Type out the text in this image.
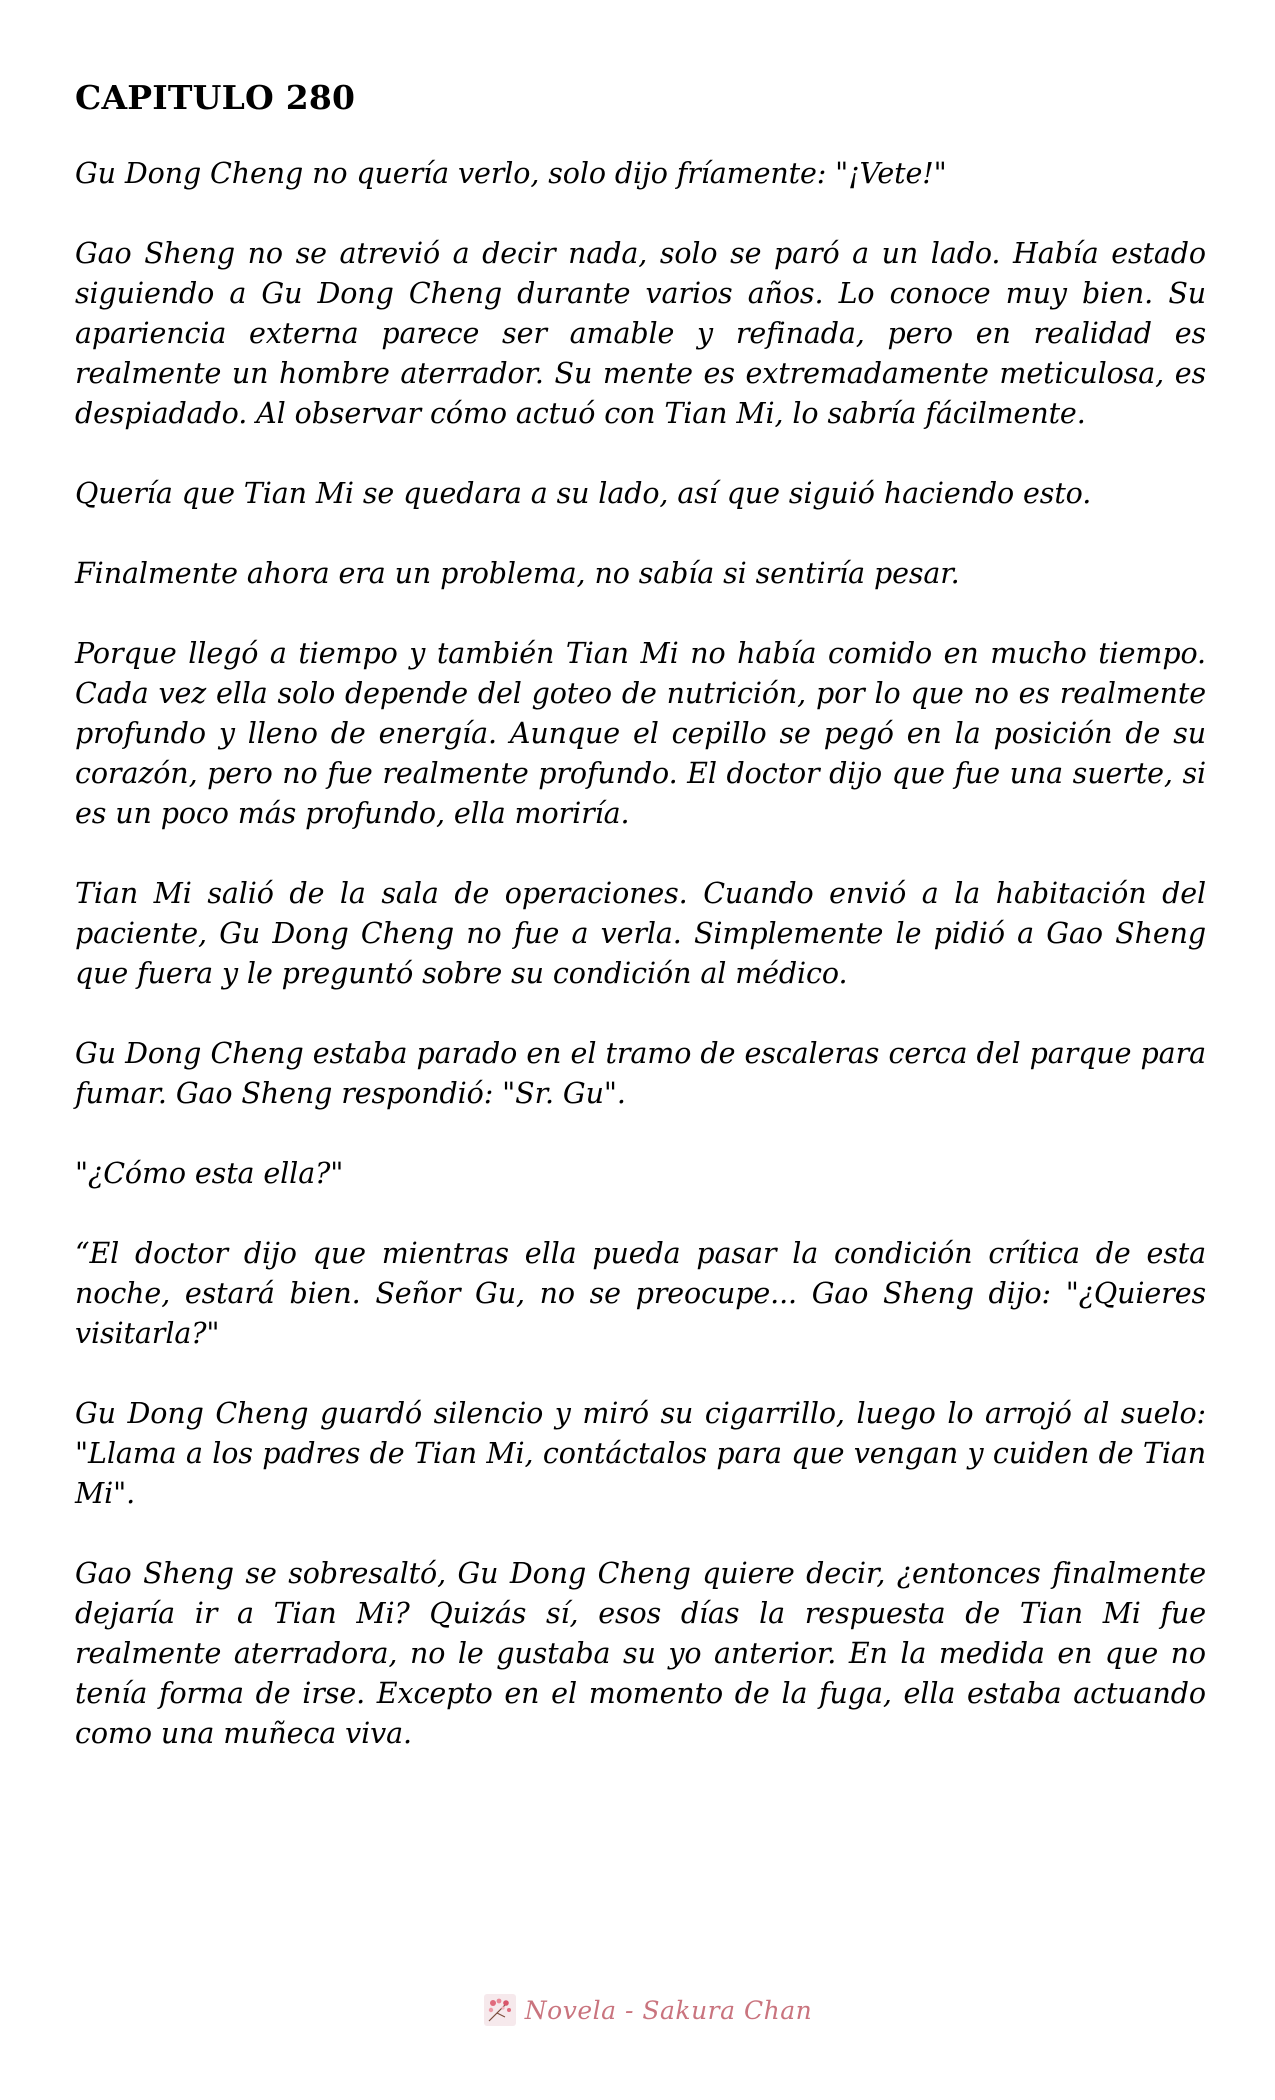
CAPITULO 280

Gu Dong Cheng no quería verlo, solo dijo fríamente: "¡Vete!"

Gao Sheng no se atrevió a decir nada, solo se paró a un lado. Había estado siguiendo a Gu Dong Cheng durante varios años. Lo conoce muy bien. Su apariencia externa parece ser amable y refinada, pero en realidad es realmente un hombre aterrador. Su mente es extremadamente meticulosa, es despiadado. Al observar cómo actuó con Tian Mi, lo sabría fácilmente.

Quería que Tian Mi se quedara a su lado, así que siguió haciendo esto.

Finalmente ahora era un problema, no sabía si sentiría pesar.

Porque llegó a tiempo y también Tian Mi no había comido en mucho tiempo. Cada vez ella solo depende del goteo de nutrición, por lo que no es realmente profundo y lleno de energía. Aunque el cepillo se pegó en la posición de su corazón, pero no fue realmente profundo. El doctor dijo que fue una suerte, si es un poco más profundo, ella moriría.

Tian Mi salió de la sala de operaciones. Cuando envió a la habitación del paciente, Gu Dong Cheng no fue a verla. Simplemente le pidió a Gao Sheng que fuera y le preguntó sobre su condición al médico.

Gu Dong Cheng estaba parado en el tramo de escaleras cerca del parque para fumar. Gao Sheng respondió: "Sr. Gu".

"¿Cómo esta ella?"

“El doctor dijo que mientras ella pueda pasar la condición crítica de esta noche, estará bien. Señor Gu, no se preocupe... Gao Sheng dijo: "¿Quieres visitarla?"

Gu Dong Cheng guardó silencio y miró su cigarrillo, luego lo arrojó al suelo: "Llama a los padres de Tian Mi, contáctalos para que vengan y cuiden de Tian Mi".

Gao Sheng se sobresaltó, Gu Dong Cheng quiere decir, ¿entonces finalmente dejaría ir a Tian Mi? Quizás sí, esos días la respuesta de Tian Mi fue realmente aterradora, no le gustaba su yo anterior. En la medida en que no tenía forma de irse. Excepto en el momento de la fuga, ella estaba actuando como una muñeca viva.

Novela - Sakura Chan
